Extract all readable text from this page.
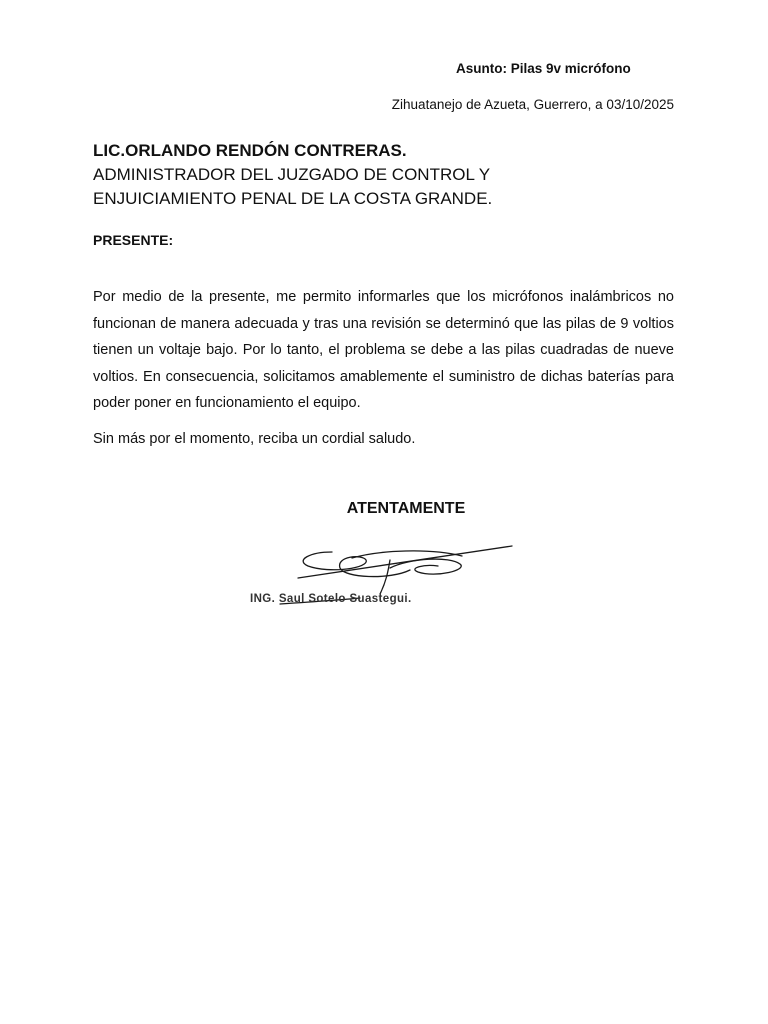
Asunto: Pilas 9v micrófono
Zihuatanejo de Azueta, Guerrero, a 03/10/2025
LIC.ORLANDO RENDÓN CONTRERAS.
ADMINISTRADOR DEL JUZGADO DE CONTROL Y
ENJUICIAMIENTO PENAL DE LA COSTA GRANDE.
PRESENTE:

Por medio de la presente, me permito informarles que los micrófonos inalámbricos no funcionan de manera adecuada y tras una revisión se determinó que las pilas de 9 voltios tienen un voltaje bajo. Por lo tanto, el problema se debe a las pilas cuadradas de nueve voltios. En consecuencia, solicitamos amablemente el suministro de dichas baterías para poder poner en funcionamiento el equipo.

Sin más por el momento, reciba un cordial saludo.
ATENTAMENTE
ING. Saul Sotelo Suastegui.
